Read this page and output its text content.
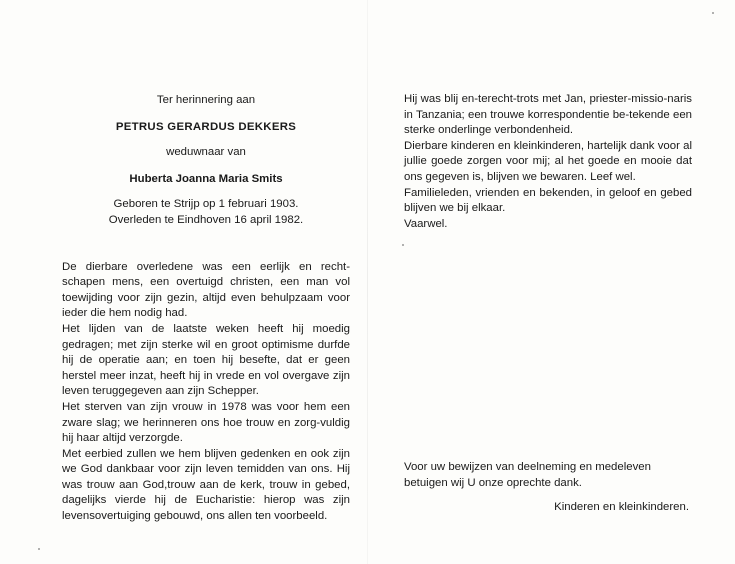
Ter herinnering aan

PETRUS GERARDUS DEKKERS

weduwnaar van

Huberta Joanna Maria Smits

Geboren te Strijp op 1 februari 1903.

Overleden te Eindhoven 16 april 1982.

De dierbare overledene was een eerlijk en recht-schapen mens, een overtuigd christen, een man vol toewijding voor zijn gezin, altijd even behulpzaam voor ieder die hem nodig had.

Het lijden van de laatste weken heeft hij moedig gedragen; met zijn sterke wil en groot optimisme durfde hij de operatie aan; en toen hij besefte, dat er geen herstel meer inzat, heeft hij in vrede en vol overgave zijn leven teruggegeven aan zijn Schepper.

Het sterven van zijn vrouw in 1978 was voor hem een zware slag; we herinneren ons hoe trouw en zorg-vuldig hij haar altijd verzorgde.

Met eerbied zullen we hem blijven gedenken en ook zijn we God dankbaar voor zijn leven temidden van ons. Hij was trouw aan God,trouw aan de kerk, trouw in gebed, dagelijks vierde hij de Eucharistie: hierop was zijn levensovertuiging gebouwd, ons allen ten voorbeeld.

Hij was blij en-terecht-trots met Jan, priester-missio-naris in Tanzania; een trouwe korrespondentie be-tekende een sterke onderlinge verbondenheid.

Dierbare kinderen en kleinkinderen, hartelijk dank voor al jullie goede zorgen voor mij; al het goede en mooie dat ons gegeven is, blijven we bewaren. Leef wel.

Familieleden, vrienden en bekenden, in geloof en gebed blijven we bij elkaar.

Vaarwel.

Voor uw bewijzen van deelneming en medeleven betuigen wij U onze oprechte dank.

Kinderen en kleinkinderen.
